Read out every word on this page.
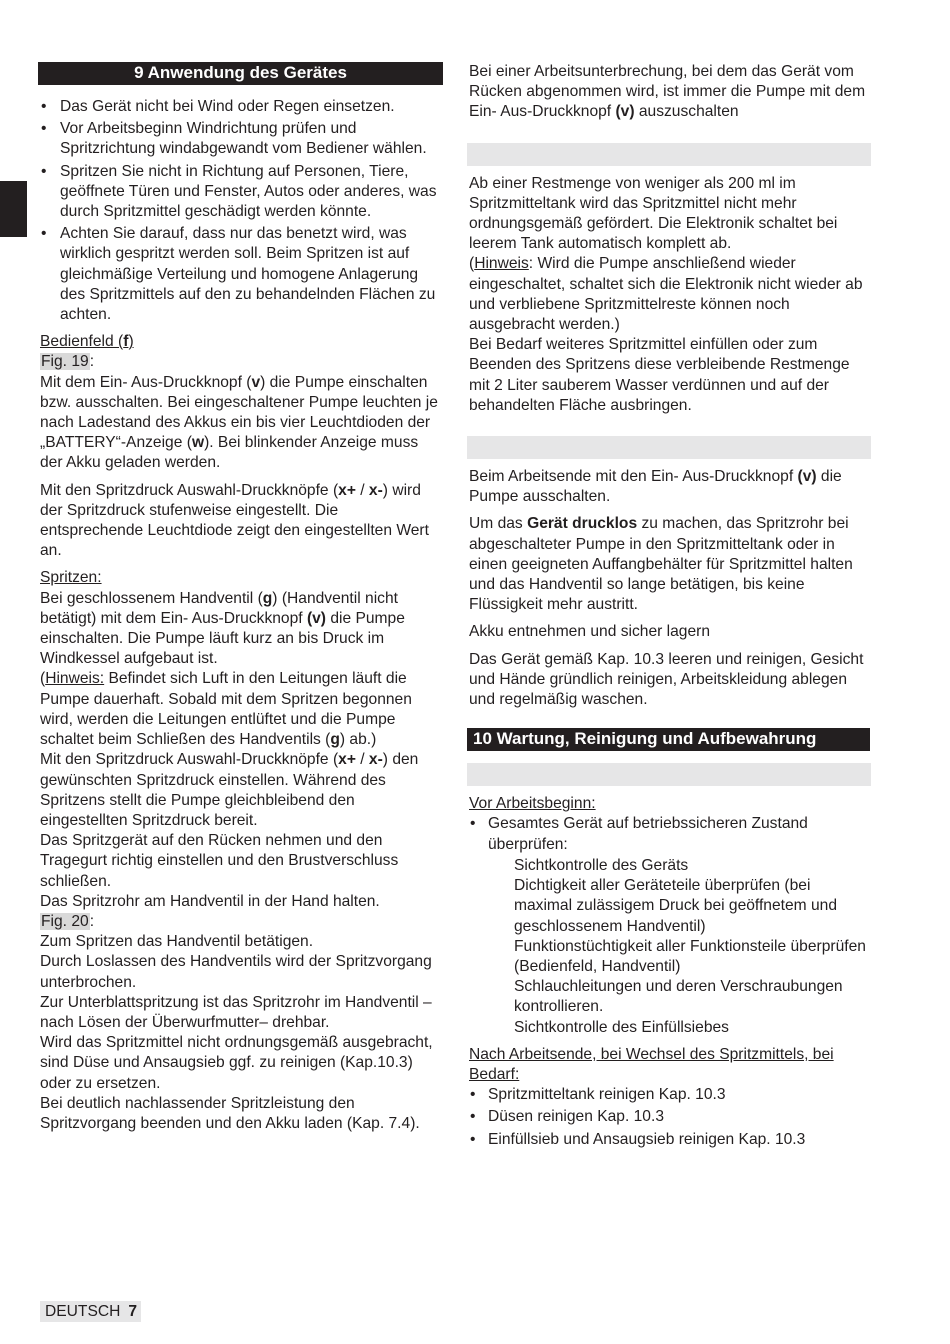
9 Anwendung des Gerätes
• Das Gerät nicht bei Wind oder Regen einsetzen.
• Vor Arbeitsbeginn Windrichtung prüfen und Spritzrichtung windabgewandt vom Bediener wählen.
• Spritzen Sie nicht in Richtung auf Personen, Tiere, geöffnete Türen und Fenster, Autos oder anderes, was durch Spritzmittel geschädigt werden könnte.
• Achten Sie darauf, dass nur das benetzt wird, was wirklich gespritzt werden soll. Beim Spritzen ist auf gleichmäßige Verteilung und homogene Anlagerung des Spritzmittels auf den zu behandelnden Flächen zu achten.

Bedienfeld (f)

Fig. 19:

Mit dem Ein- Aus-Druckknopf (v) die Pumpe einschalten bzw. ausschalten. Bei eingeschaltener Pumpe leuchten je nach Ladestand des Akkus ein bis vier Leuchtdioden der „BATTERY“-Anzeige (w). Bei blinkender Anzeige muss der Akku geladen werden.

Mit den Spritzdruck Auswahl-Druckknöpfe (x+ / x-) wird der Spritzdruck stufenweise eingestellt. Die entsprechende Leuchtdiode zeigt den eingestellten Wert an.

Spritzen:

Bei geschlossenem Handventil (g) (Handventil nicht betätigt) mit dem Ein- Aus-Druckknopf (v) die Pumpe einschalten. Die Pumpe läuft kurz an bis Druck im Windkessel aufgebaut ist.

(Hinweis: Befindet sich Luft in den Leitungen läuft die Pumpe dauerhaft. Sobald mit dem Spritzen begonnen wird, werden die Leitungen entlüftet und die Pumpe schaltet beim Schließen des Handventils (g) ab.)

Mit den Spritzdruck Auswahl-Druckknöpfe (x+ / x-) den gewünschten Spritzdruck einstellen. Während des Spritzens stellt die Pumpe gleichbleibend den eingestellten Spritzdruck bereit.

Das Spritzgerät auf den Rücken nehmen und den Tragegurt richtig einstellen und den Brustverschluss schließen.

Das Spritzrohr am Handventil in der Hand halten.

Fig. 20:

Zum Spritzen das Handventil betätigen.

Durch Loslassen des Handventils wird der Spritzvorgang unterbrochen.

Zur Unterblattspritzung ist das Spritzrohr im Handventil – nach Lösen der Überwurfmutter– drehbar.

Wird das Spritzmittel nicht ordnungsgemäß ausgebracht, sind Düse und Ansaugsieb ggf. zu reinigen (Kap.10.3) oder zu ersetzen.

Bei deutlich nachlassender Spritzleistung den Spritzvorgang beenden und den Akku laden (Kap. 7.4).

Bei einer Arbeitsunterbrechung, bei dem das Gerät vom Rücken abgenommen wird, ist immer die Pumpe mit dem Ein- Aus-Druckknopf (v) auszuschalten

Ab einer Restmenge von weniger als 200 ml im Spritzmitteltank wird das Spritzmittel nicht mehr ordnungsgemäß gefördert. Die Elektronik schaltet bei leerem Tank automatisch komplett ab.

(Hinweis: Wird die Pumpe anschließend wieder eingeschaltet, schaltet sich die Elektronik nicht wieder ab und verbliebene Spritzmittelreste können noch ausgebracht werden.)

Bei Bedarf weiteres Spritzmittel einfüllen oder zum Beenden des Spritzens diese verbleibende Restmenge mit 2 Liter sauberem Wasser verdünnen und auf der behandelten Fläche ausbringen.

Beim Arbeitsende mit den Ein- Aus-Druckknopf (v) die Pumpe ausschalten.

Um das Gerät drucklos zu machen, das Spritzrohr bei abgeschalteter Pumpe in den Spritzmitteltank oder in einen geeigneten Auffangbehälter für Spritzmittel halten und das Handventil so lange betätigen, bis keine Flüssigkeit mehr austritt.

Akku entnehmen und sicher lagern

Das Gerät gemäß Kap. 10.3 leeren und reinigen, Gesicht und Hände gründlich reinigen, Arbeitskleidung ablegen und regelmäßig waschen.

10 Wartung, Reinigung und Aufbewahrung

Vor Arbeitsbeginn:

• Gesamtes Gerät auf betriebssicheren Zustand überprüfen:

Sichtkontrolle des Geräts

Dichtigkeit aller Geräteteile überprüfen (bei maximal zulässigem Druck bei geöffnetem und geschlossenem Handventil)

Funktionstüchtigkeit aller Funktionsteile überprüfen (Bedienfeld, Handventil)

Schlauchleitungen und deren Verschraubungen kontrollieren.

Sichtkontrolle des Einfüllsiebes

Nach Arbeitsende, bei Wechsel des Spritzmittels, bei Bedarf:

• Spritzmitteltank reinigen Kap. 10.3
• Düsen reinigen Kap. 10.3
• Einfüllsieb und Ansaugsieb reinigen Kap. 10.3
DEUTSCH 7
